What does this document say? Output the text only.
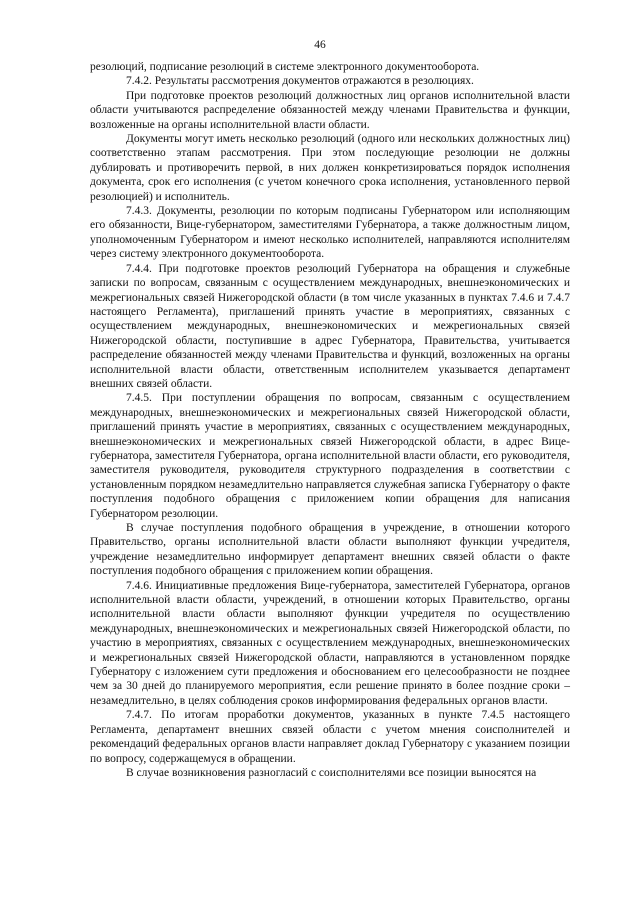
46

резолюций, подписание резолюций в системе электронного документооборота.

7.4.2. Результаты рассмотрения документов отражаются в резолюциях.

При подготовке проектов резолюций должностных лиц органов исполнительной власти области учитываются распределение обязанностей между членами Правительства и функции, возложенные на органы исполнительной власти области.

Документы могут иметь несколько резолюций (одного или нескольких должностных лиц) соответственно этапам рассмотрения. При этом последующие резолюции не должны дублировать и противоречить первой, в них должен конкретизироваться порядок исполнения документа, срок его исполнения (с учетом конечного срока исполнения, установленного первой резолюцией) и исполнитель.

7.4.3. Документы, резолюции по которым подписаны Губернатором или исполняющим его обязанности, Вице-губернатором, заместителями Губернатора, а также должностным лицом, уполномоченным Губернатором и имеют несколько исполнителей, направляются исполнителям через систему электронного документооборота.

7.4.4. При подготовке проектов резолюций Губернатора на обращения и служебные записки по вопросам, связанным с осуществлением международных, внешнеэкономических и межрегиональных связей Нижегородской области (в том числе указанных в пунктах 7.4.6 и 7.4.7 настоящего Регламента), приглашений принять участие в мероприятиях, связанных с осуществлением международных, внешнеэкономических и межрегиональных связей Нижегородской области, поступившие в адрес Губернатора, Правительства, учитывается распределение обязанностей между членами Правительства и функций, возложенных на органы исполнительной власти области, ответственным исполнителем указывается департамент внешних связей области.

7.4.5. При поступлении обращения по вопросам, связанным с осуществлением международных, внешнеэкономических и межрегиональных связей Нижегородской области, приглашений принять участие в мероприятиях, связанных с осуществлением международных, внешнеэкономических и межрегиональных связей Нижегородской области, в адрес Вице-губернатора, заместителя Губернатора, органа исполнительной власти области, его руководителя, заместителя руководителя, руководителя структурного подразделения в соответствии с установленным порядком незамедлительно направляется служебная записка Губернатору о факте поступления подобного обращения с приложением копии обращения для написания Губернатором резолюции.

В случае поступления подобного обращения в учреждение, в отношении которого Правительство, органы исполнительной власти области выполняют функции учредителя, учреждение незамедлительно информирует департамент внешних связей области о факте поступления подобного обращения с приложением копии обращения.

7.4.6. Инициативные предложения Вице-губернатора, заместителей Губернатора, органов исполнительной власти области, учреждений, в отношении которых Правительство, органы исполнительной власти области выполняют функции учредителя по осуществлению международных, внешнеэкономических и межрегиональных связей Нижегородской области, по участию в мероприятиях, связанных с осуществлением международных, внешнеэкономических и межрегиональных связей Нижегородской области, направляются в установленном порядке Губернатору с изложением сути предложения и обоснованием его целесообразности не позднее чем за 30 дней до планируемого мероприятия, если решение принято в более поздние сроки – незамедлительно, в целях соблюдения сроков информирования федеральных органов власти.

7.4.7. По итогам проработки документов, указанных в пункте 7.4.5 настоящего Регламента, департамент внешних связей области с учетом мнения соисполнителей и рекомендаций федеральных органов власти направляет доклад Губернатору с указанием позиции по вопросу, содержащемуся в обращении.

В случае возникновения разногласий с соисполнителями все позиции выносятся на
